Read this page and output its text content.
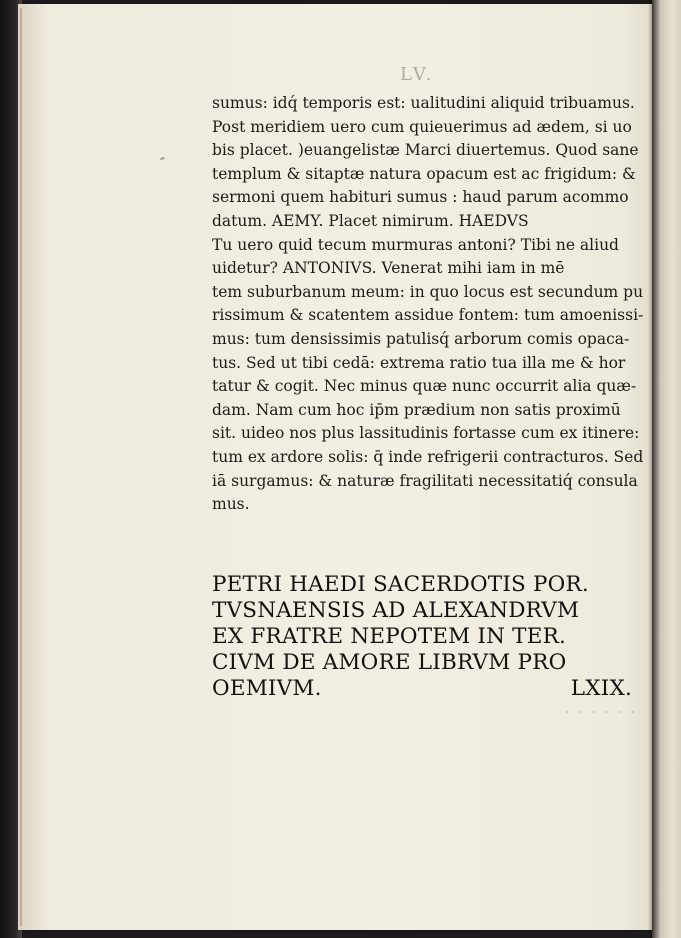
LV.
″
sumus: idq́ temporis est: ualitudini aliquid tribuamus.
Post meridiem uero cum quieuerimus ad ædem, si uo
bis placet. )euangelistæ Marci diuertemus. Quod sane
templum & sitaptæ natura opacum est ac frigidum: &
sermoni quem habituri sumus : haud parum acommo
datum. AEMY. Placet nimirum. HAEDVS
Tu uero quid tecum murmuras antoni? Tibi ne aliud
uidetur? ANTONIVS. Venerat mihi iam in mē
tem suburbanum meum: in quo locus est secundum pu
rissimum & scatentem assidue fontem: tum amoenissi-
mus: tum densissimis patulisq́ arborum comis opaca-
tus. Sed ut tibi cedā: extrema ratio tua illa me & hor
tatur & cogit. Nec minus quæ nunc occurrit alia quæ-
dam. Nam cum hoc ip̄m prædium non satis proximū
sit. uideo nos plus lassitudinis fortasse cum ex itinere:
tum ex ardore solis: q̄ inde refrigerii contracturos. Sed
iā surgamus: & naturæ fragilitati necessitatiq́ consula
mus.
PETRI HAEDI SACERDOTIS POR.
TVSNAENSIS AD ALEXANDRVM
EX FRATRE NEPOTEM IN TER.
CIVM DE AMORE LIBRVM PRO
OEMIVM.	LXIX.
· · · · · ·
